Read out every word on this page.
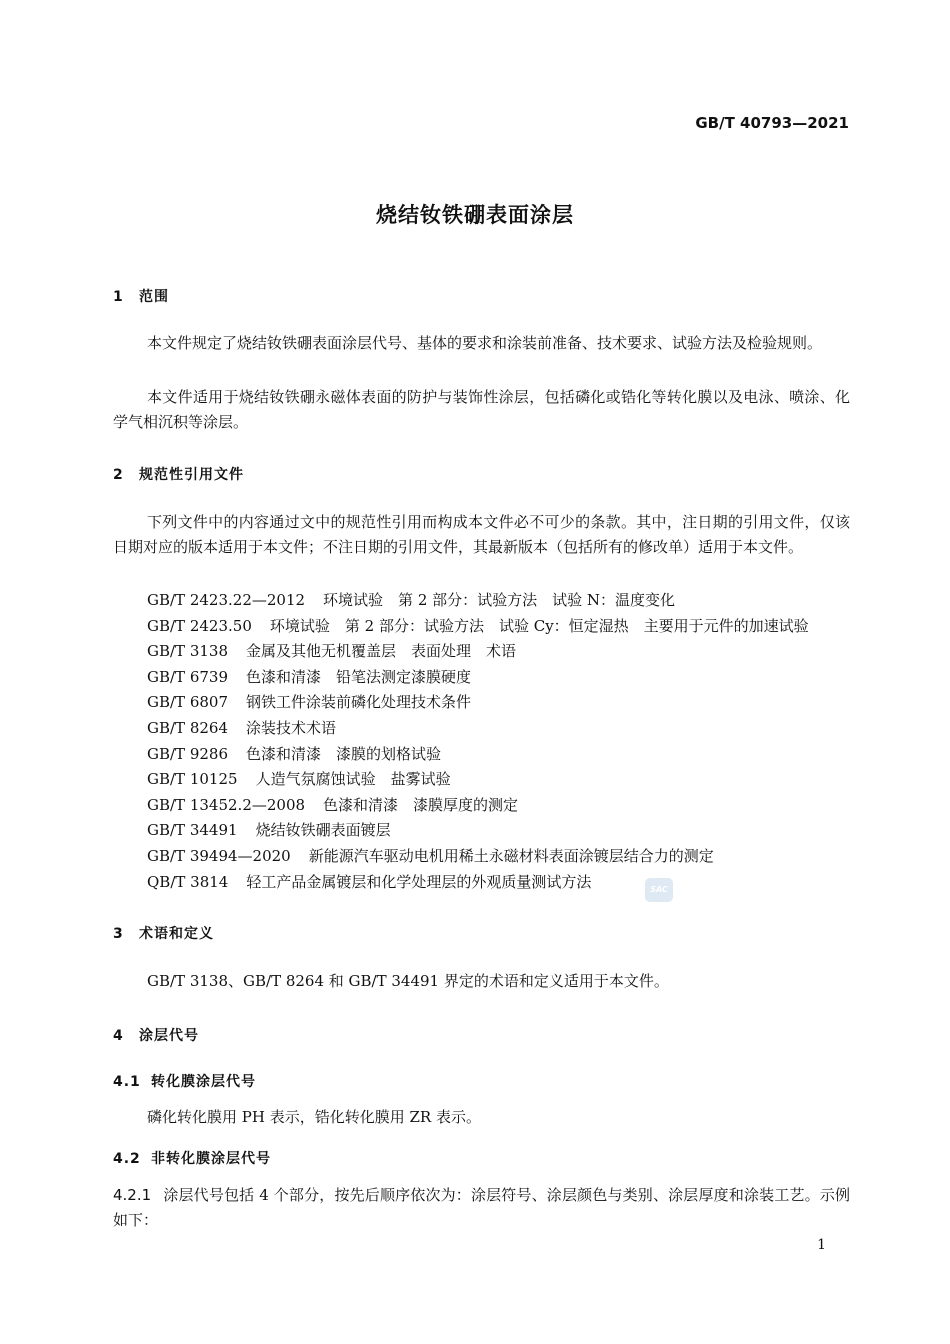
GB/T 40793—2021
烧结钕铁硼表面涂层
1 范围
本文件规定了烧结钕铁硼表面涂层代号、基体的要求和涂装前准备、技术要求、试验方法及检验规则。
本文件适用于烧结钕铁硼永磁体表面的防护与装饰性涂层，包括磷化或锆化等转化膜以及电泳、喷涂、化学气相沉积等涂层。
2 规范性引用文件
下列文件中的内容通过文中的规范性引用而构成本文件必不可少的条款。其中，注日期的引用文件，仅该日期对应的版本适用于本文件；不注日期的引用文件，其最新版本（包括所有的修改单）适用于本文件。
GB/T 2423.22—2012 环境试验　第 2 部分：试验方法　试验 N：温度变化
GB/T 2423.50 环境试验　第 2 部分：试验方法　试验 Cy：恒定湿热　主要用于元件的加速试验
GB/T 3138 金属及其他无机覆盖层　表面处理　术语
GB/T 6739 色漆和清漆　铅笔法测定漆膜硬度
GB/T 6807 钢铁工件涂装前磷化处理技术条件
GB/T 8264 涂装技术术语
GB/T 9286 色漆和清漆　漆膜的划格试验
GB/T 10125 人造气氛腐蚀试验　盐雾试验
GB/T 13452.2—2008 色漆和清漆　漆膜厚度的测定
GB/T 34491 烧结钕铁硼表面镀层
GB/T 39494—2020 新能源汽车驱动电机用稀土永磁材料表面涂镀层结合力的测定
QB/T 3814 轻工产品金属镀层和化学处理层的外观质量测试方法
3 术语和定义
GB/T 3138、GB/T 8264 和 GB/T 34491 界定的术语和定义适用于本文件。
4 涂层代号
4.1 转化膜涂层代号
磷化转化膜用 PH 表示，锆化转化膜用 ZR 表示。
4.2 非转化膜涂层代号
4.2.1 涂层代号包括 4 个部分，按先后顺序依次为：涂层符号、涂层颜色与类别、涂层厚度和涂装工艺。示例如下：
SAC
1
